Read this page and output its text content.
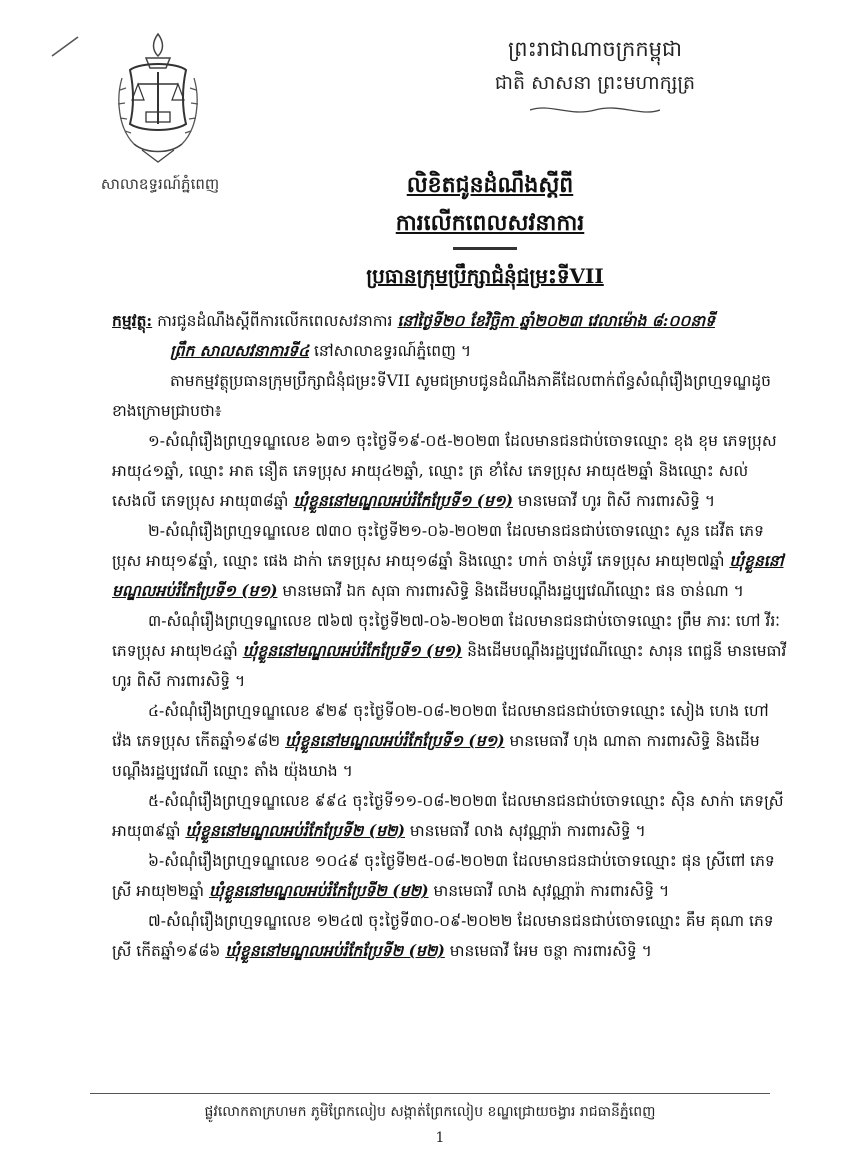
សាលាឧទ្ធរណ៍ភ្នំពេញ
ព្រះរាជាណាចក្រកម្ពុជា
ជាតិ សាសនា ព្រះមហាក្សត្រ
លិខិតជូនដំណឹងស្ដីពី
ការលើកពេលសវនាការ
ប្រធានក្រុមប្រឹក្សាជំនុំជម្រះទីVII

កម្មវត្ថុ: ការជូនដំណឹងស្តីពីការលើកពេលសវនាការ នៅថ្ងៃទី២០ ខែវិច្ឆិកា ឆ្នាំ២០២៣ វេលាម៉ោង ៨:០០នាទី

ព្រឹក សាលសវនាការទី៤ នៅសាលាឧទ្ធរណ៍ភ្នំពេញ ។

តាមកម្មវត្ថុប្រធានក្រុមប្រឹក្សាជំនុំជម្រះទីVII សូមជម្រាបជូនដំណឹងភាគីដែលពាក់ព័ន្ធសំណុំរឿងព្រហ្មទណ្ឌដូចខាងក្រោមជ្រាបថា៖

១-សំណុំរឿងព្រហ្មទណ្ឌលេខ ៦៣១ ចុះថ្ងៃទី១៩-០៥-២០២៣ ដែលមានជនជាប់ចោទឈ្មោះ ខុង ខុម ភេទប្រុស អាយុ៤១ឆ្នាំ, ឈ្មោះ អាត នឿត ភេទប្រុស អាយុ៤២ឆ្នាំ, ឈ្មោះ ត្រ ខាំសែ ភេទប្រុស អាយុ៥២ឆ្នាំ និងឈ្មោះ សល់ សេងលី ភេទប្រុស អាយុ៣៨ឆ្នាំ ឃុំខ្លួននៅមណ្ឌលអប់រំកែប្រែទី១ (ម១) មានមេធាវី ហូរ ពិសី ការពារសិទ្ធិ ។

២-សំណុំរឿងព្រហ្មទណ្ឌលេខ ៧៣០ ចុះថ្ងៃទី២១-០៦-២០២៣ ដែលមានជនជាប់ចោទឈ្មោះ សួន ដេវីត ភេទប្រុស អាយុ១៩ឆ្នាំ, ឈ្មោះ ផេង ដាក់ា ភេទប្រុស អាយុ១៨ឆ្នាំ និងឈ្មោះ ហាក់ ចាន់បូរី ភេទប្រុស អាយុ២៧ឆ្នាំ ឃុំខ្លួននៅមណ្ឌលអប់រំកែប្រែទី១ (ម១) មានមេធាវី ឯក សុធា ការពារសិទ្ធិ និងដើមបណ្ដឹងរដ្ឋប្បវេណីឈ្មោះ ផន ចាន់ណា ។

៣-សំណុំរឿងព្រហ្មទណ្ឌលេខ ៧៦៧ ចុះថ្ងៃទី២៧-០៦-២០២៣ ដែលមានជនជាប់ចោទឈ្មោះ ព្រឹម ភារៈ ហៅ វីរៈ ភេទប្រុស អាយុ២៤ឆ្នាំ ឃុំខ្លួននៅមណ្ឌលអប់រំកែប្រែទី១ (ម១) និងដើមបណ្ដឹងរដ្ឋប្បវេណីឈ្មោះ សារុន ពេជ្ជនី មានមេធាវី ហូរ ពិសី ការពារសិទ្ធិ ។

៤-សំណុំរឿងព្រហ្មទណ្ឌលេខ ៩២៩ ចុះថ្ងៃទី០២-០៨-២០២៣ ដែលមានជនជាប់ចោទឈ្មោះ សៀង ហេង ហៅ វ៉េង ភេទប្រុស កើតឆ្នាំ១៩៨២ ឃុំខ្លួននៅមណ្ឌលអប់រំកែប្រែទី១ (ម១) មានមេធាវី ហុង ណាតា ការពារសិទ្ធិ និងដើមបណ្ដឹងរដ្ឋប្បវេណី ឈ្មោះ តាំង យ៉ុងឃាង ។

៥-សំណុំរឿងព្រហ្មទណ្ឌលេខ ៩៩៤ ចុះថ្ងៃទី១១-០៨-២០២៣ ដែលមានជនជាប់ចោទឈ្មោះ ស៊ិន សាក់ា ភេទស្រី អាយុ៣៩ឆ្នាំ ឃុំខ្លួននៅមណ្ឌលអប់រំកែប្រែទី២ (ម២) មានមេធាវី លាង សុវណ្ណារ៉ា ការពារសិទ្ធិ ។

៦-សំណុំរឿងព្រហ្មទណ្ឌលេខ ១០៤៩ ចុះថ្ងៃទី២៥-០៨-២០២៣ ដែលមានជនជាប់ចោទឈ្មោះ ផុន ស្រីពៅ ភេទស្រី អាយុ២២ឆ្នាំ ឃុំខ្លួននៅមណ្ឌលអប់រំកែប្រែទី២ (ម២) មានមេធាវី លាង សុវណ្ណារ៉ា ការពារសិទ្ធិ ។

៧-សំណុំរឿងព្រហ្មទណ្ឌលេខ ១២៤៧ ចុះថ្ងៃទី៣០-០៩-២០២២ ដែលមានជនជាប់ចោទឈ្មោះ គឹម គុណា ភេទស្រី កើតឆ្នាំ១៩៨៦ ឃុំខ្លួននៅមណ្ឌលអប់រំកែប្រែទី២ (ម២) មានមេធាវី អែម ចន្ថា ការពារសិទ្ធិ ។

ផ្លូវលោកតាក្រហមក ភូមិព្រែកលៀប សង្កាត់ព្រែកលៀប ខណ្ឌជ្រោយចង្វារ រាជធានីភ្នំពេញ
1
